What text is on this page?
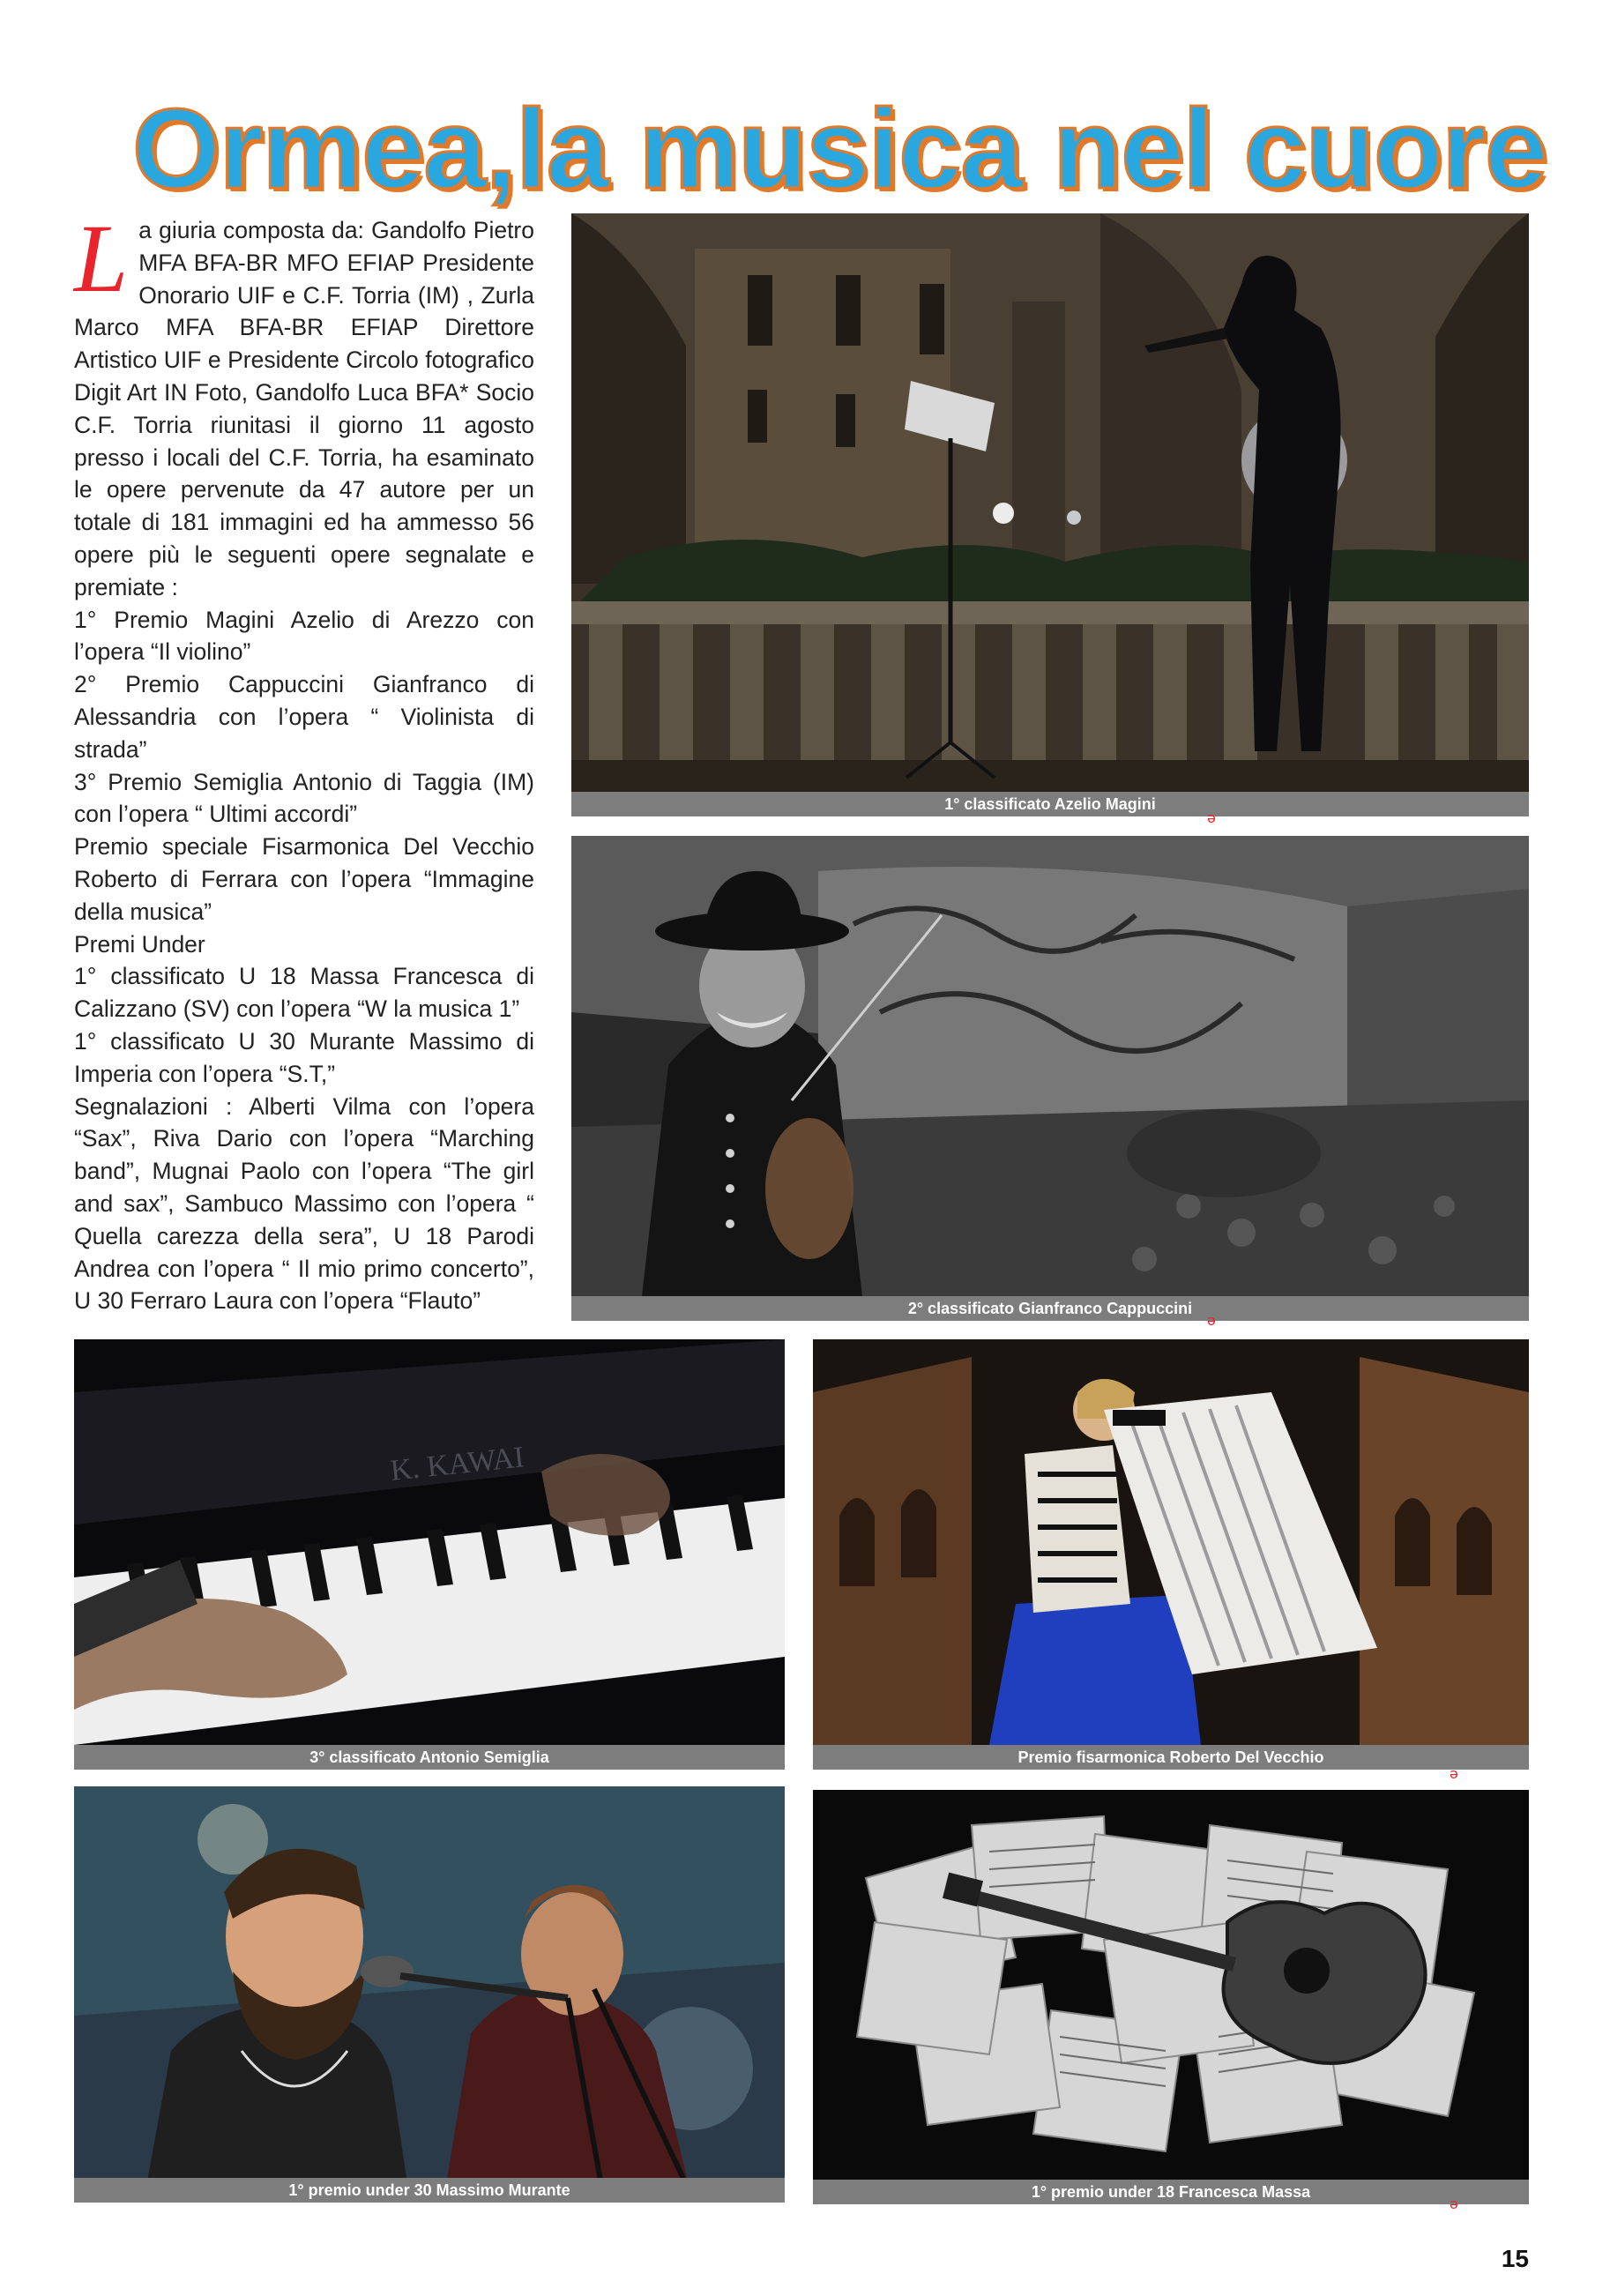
Ormea,la musica nel cuore

La giuria composta da: Gandolfo Pietro MFA BFA-BR MFO EFIAP Presidente Onorario UIF e C.F. Torria (IM) , Zurla Marco MFA BFA-BR EFIAP Direttore Artistico UIF e Presidente Circolo fotografico Digit Art IN Foto, Gandolfo Luca BFA* Socio C.F. Torria riunitasi il giorno 11 agosto presso i locali del C.F. Torria, ha esaminato le opere pervenute da 47 autore per un totale di 181 immagini ed ha ammesso 56 opere più le seguenti opere segnalate e premiate :

1° Premio Magini Azelio di Arezzo con l’opera “Il violino”

2° Premio Cappuccini Gianfranco di Alessandria con l’opera “ Violinista di strada”

3° Premio Semiglia Antonio di Taggia (IM) con l’opera “ Ultimi accordi”

Premio speciale Fisarmonica Del Vecchio Roberto di Ferrara con l’opera “Immagine della musica”

Premi Under

1° classificato U 18 Massa Francesca di Calizzano (SV) con l’opera “W la musica 1”

1° classificato U 30 Murante Massimo di Imperia con l’opera “S.T,”

Segnalazioni : Alberti Vilma con l’opera “Sax”, Riva Dario con l’opera “Marching band”, Mugnai Paolo con l’opera “The girl and sax”, Sambuco Massimo con l’opera “ Quella carezza della sera”, U 18 Parodi Andrea con l’opera “ Il mio primo concerto”, U 30 Ferraro Laura con l’opera “Flauto”

1° classificato Azelio Magini
ə
2° classificato Gianfranco Cappuccini
ə
K. KAWAI
3° classificato Antonio Semiglia	Premio fisarmonica Roberto Del Vecchio
ə
1° premio under 30 Massimo Murante	1° premio under 18 Francesca Massa
ə
15
